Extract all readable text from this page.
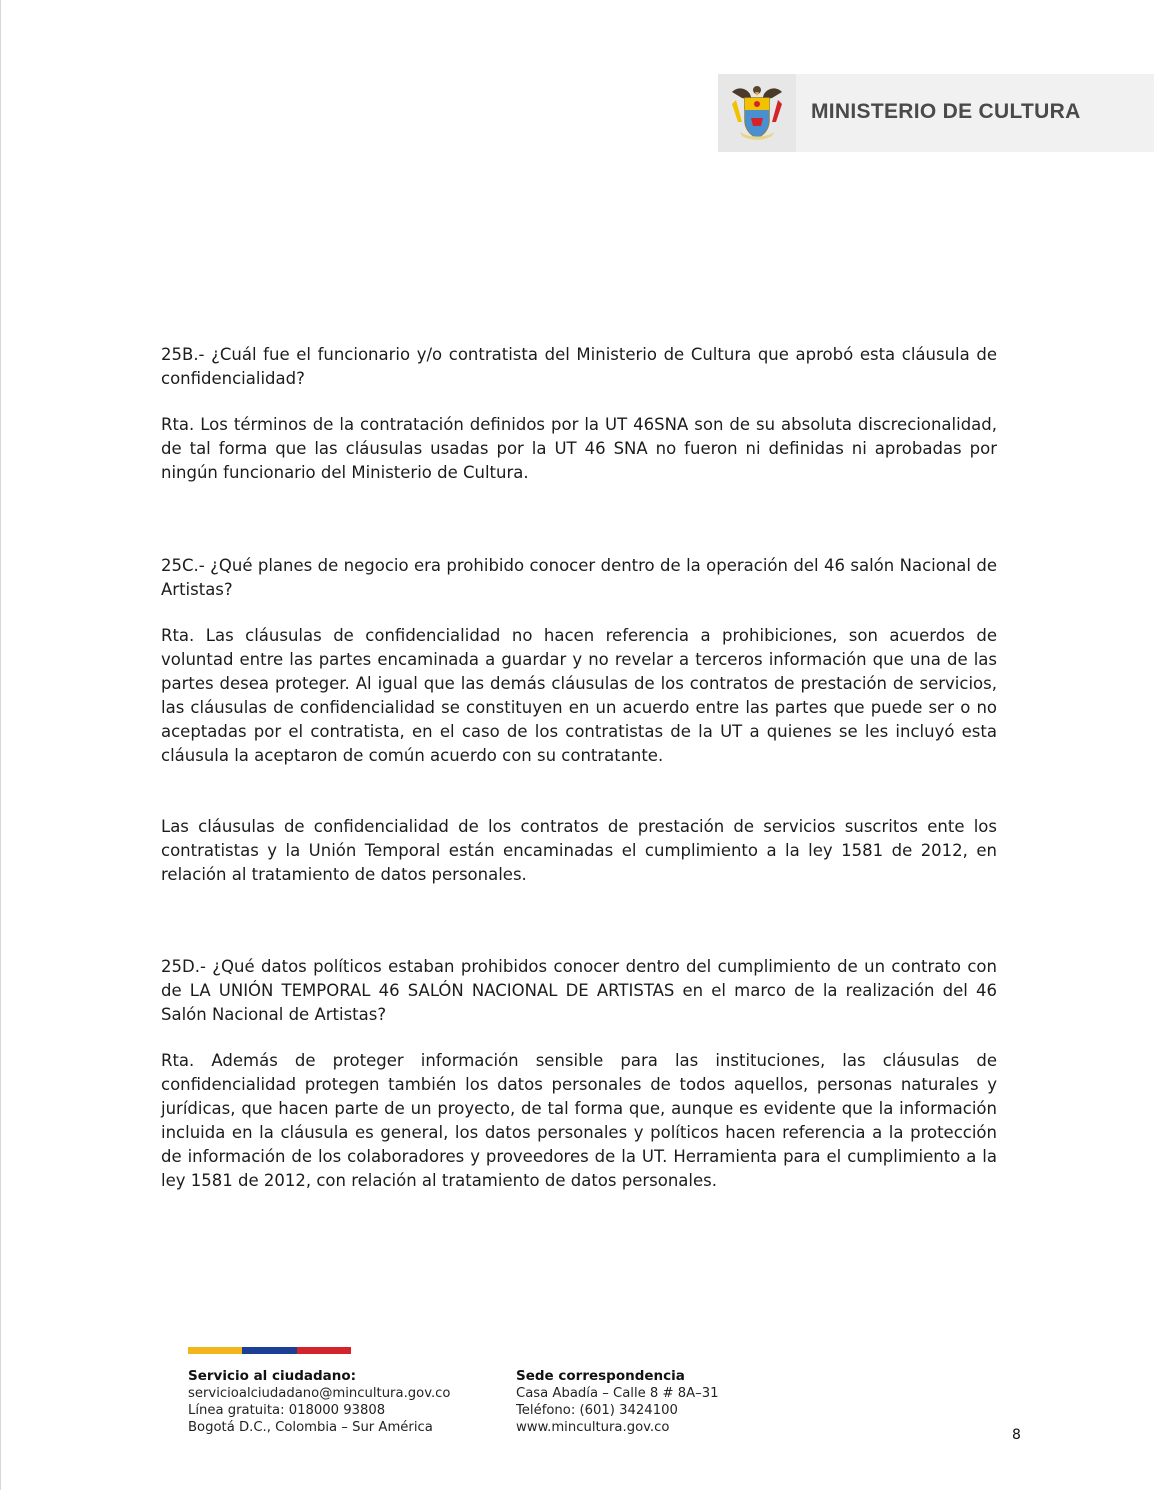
MINISTERIO DE CULTURA

25B.- ¿Cuál fue el funcionario y/o contratista del Ministerio de Cultura que aprobó esta cláusula de confidencialidad?

Rta. Los términos de la contratación definidos por la UT 46SNA son de su absoluta discrecionalidad, de tal forma que las cláusulas usadas por la UT 46 SNA no fueron ni definidas ni aprobadas por ningún funcionario del Ministerio de Cultura.

25C.- ¿Qué planes de negocio era prohibido conocer dentro de la operación del 46 salón Nacional de Artistas?

Rta. Las cláusulas de confidencialidad no hacen referencia a prohibiciones, son acuerdos de voluntad entre las partes encaminada a guardar y no revelar a terceros información que una de las partes desea proteger. Al igual que las demás cláusulas de los contratos de prestación de servicios, las cláusulas de confidencialidad se constituyen en un acuerdo entre las partes que puede ser o no aceptadas por el contratista, en el caso de los contratistas de la UT a quienes se les incluyó esta cláusula la aceptaron de común acuerdo con su contratante.

Las cláusulas de confidencialidad de los contratos de prestación de servicios suscritos ente los contratistas y la Unión Temporal están encaminadas el cumplimiento a la ley 1581 de 2012, en relación al tratamiento de datos personales.

25D.- ¿Qué datos políticos estaban prohibidos conocer dentro del cumplimiento de un contrato con de LA UNIÓN TEMPORAL 46 SALÓN NACIONAL DE ARTISTAS en el marco de la realización del 46 Salón Nacional de Artistas?

Rta. Además de proteger información sensible para las instituciones, las cláusulas de confidencialidad protegen también los datos personales de todos aquellos, personas naturales y jurídicas, que hacen parte de un proyecto, de tal forma que, aunque es evidente que la información incluida en la cláusula es general, los datos personales y políticos hacen referencia a la protección de información de los colaboradores y proveedores de la UT. Herramienta para el cumplimiento a la ley 1581 de 2012, con relación al tratamiento de datos personales.

Servicio al ciudadano:
servicioalciudadano@mincultura.gov.co
Línea gratuita: 018000 93808
Bogotá D.C., Colombia – Sur América
Sede correspondencia
Casa Abadía – Calle 8 # 8A–31
Teléfono: (601) 3424100
www.mincultura.gov.co	8
